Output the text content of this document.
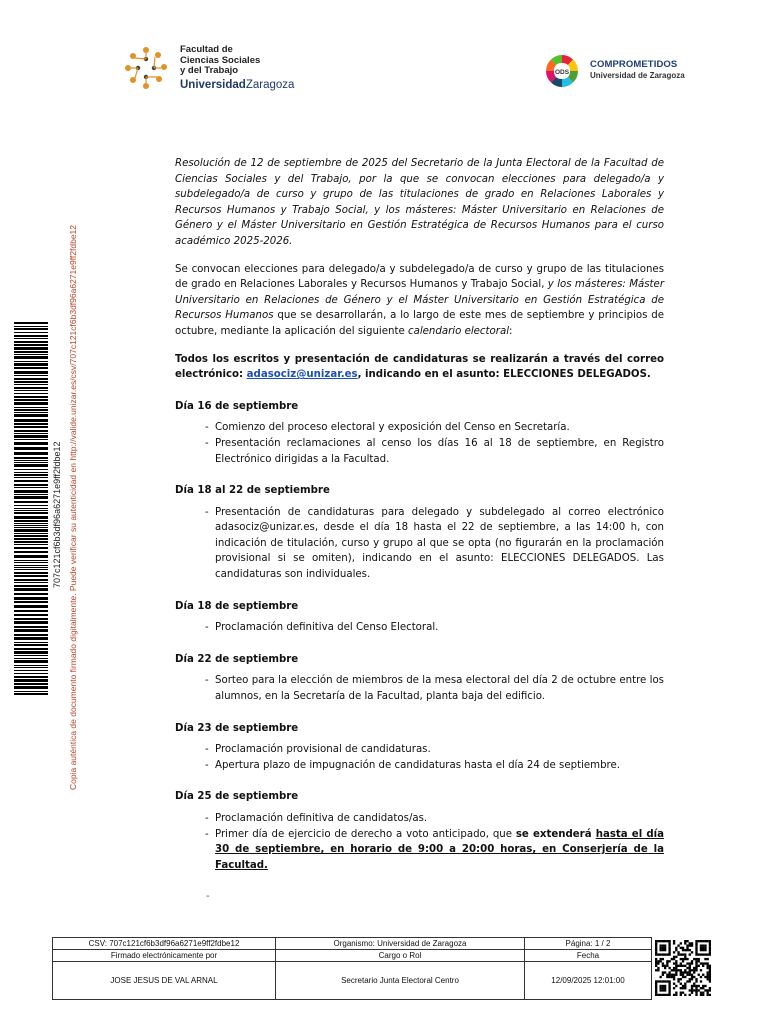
Facultad de
Ciencias Sociales
y del Trabajo
UniversidadZaragoza
ODS
COMPROMETIDOS
Universidad de Zaragoza
707c121cf6b3df96a6271e9ff2fdbe12 Copia auténtica de documento firmado digitalmente. Puede verificar su autenticidad en http://valide.unizar.es/csv/707c121cf6b3df96a6271e9ff2fdbe12

Resolución de 12 de septiembre de 2025 del Secretario de la Junta Electoral de la Facultad de Ciencias Sociales y del Trabajo, por la que se convocan elecciones para delegado/a y subdelegado/a de curso y grupo de las titulaciones de grado en Relaciones Laborales y Recursos Humanos y Trabajo Social, y los másteres: Máster Universitario en Relaciones de Género y el Máster Universitario en Gestión Estratégica de Recursos Humanos para el curso académico 2025-2026.

Se convocan elecciones para delegado/a y subdelegado/a de curso y grupo de las titulaciones de grado en Relaciones Laborales y Recursos Humanos y Trabajo Social, y los másteres: Máster Universitario en Relaciones de Género y el Máster Universitario en Gestión Estratégica de Recursos Humanos que se desarrollarán, a lo largo de este mes de septiembre y principios de octubre, mediante la aplicación del siguiente calendario electoral:

Todos los escritos y presentación de candidaturas se realizarán a través del correo electrónico: adasociz@unizar.es, indicando en el asunto: ELECCIONES DELEGADOS.

Día 16 de septiembre
- Comienzo del proceso electoral y exposición del Censo en Secretaría.
- Presentación reclamaciones al censo los días 16 al 18 de septiembre, en Registro Electrónico dirigidas a la Facultad.
Día 18 al 22 de septiembre
- Presentación de candidaturas para delegado y subdelegado al correo electrónico adasociz@unizar.es, desde el día 18 hasta el 22 de septiembre, a las 14:00 h, con indicación de titulación, curso y grupo al que se opta (no figurarán en la proclamación provisional si se omiten), indicando en el asunto: ELECCIONES DELEGADOS. Las candidaturas son individuales.
Día 18 de septiembre
- Proclamación definitiva del Censo Electoral.
Día 22 de septiembre
- Sorteo para la elección de miembros de la mesa electoral del día 2 de octubre entre los alumnos, en la Secretaría de la Facultad, planta baja del edificio.
Día 23 de septiembre
- Proclamación provisional de candidaturas.
- Apertura plazo de impugnación de candidaturas hasta el día 24 de septiembre.
Día 25 de septiembre
- Proclamación definitiva de candidatos/as.
- Primer día de ejercicio de derecho a voto anticipado, que se extenderá hasta el día 30 de septiembre, en horario de 9:00 a 20:00 horas, en Conserjería de la Facultad.
-
CSV: 707c121cf6b3df96a6271e9ff2fdbe12	Organismo: Universidad de Zaragoza	Página: 1 / 2	
Firmado electrónicamente por	Cargo o Rol	Fecha	
JOSE JESUS DE VAL ARNAL	Secretario Junta Electoral Centro	12/09/2025 12:01:00	
